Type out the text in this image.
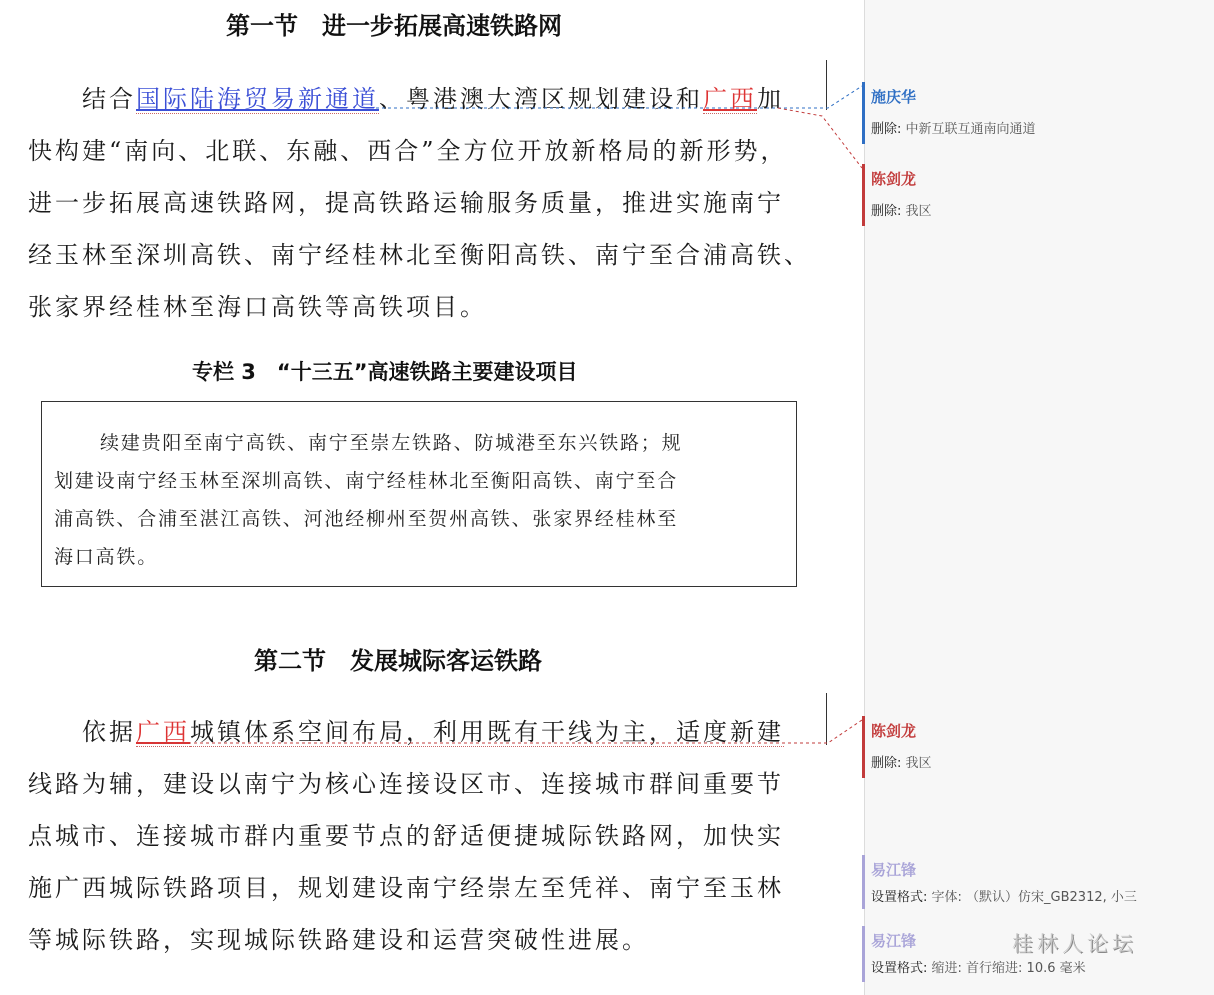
第一节　进一步拓展高速铁路网
结合国际陆海贸易新通道、粤港澳大湾区规划建设和广西加
快构建“南向、北联、东融、西合”全方位开放新格局的新形势，
进一步拓展高速铁路网，提高铁路运输服务质量，推进实施南宁
经玉林至深圳高铁、南宁经桂林北至衡阳高铁、南宁至合浦高铁、
张家界经桂林至海口高铁等高铁项目。
专栏 3　“十三五”高速铁路主要建设项目
续建贵阳至南宁高铁、南宁至崇左铁路、防城港至东兴铁路；规
划建设南宁经玉林至深圳高铁、南宁经桂林北至衡阳高铁、南宁至合
浦高铁、合浦至湛江高铁、河池经柳州至贺州高铁、张家界经桂林至
海口高铁。
第二节　发展城际客运铁路
依据广西城镇体系空间布局，利用既有干线为主，适度新建
线路为辅，建设以南宁为核心连接设区市、连接城市群间重要节
点城市、连接城市群内重要节点的舒适便捷城际铁路网，加快实
施广西城际铁路项目，规划建设南宁经崇左至凭祥、南宁至玉林
等城际铁路，实现城际铁路建设和运营突破性进展。
施庆华
删除: 中新互联互通南向通道
陈剑龙
删除: 我区
陈剑龙
删除: 我区
易江锋
设置格式: 字体: （默认）仿宋_GB2312, 小三
易江锋
设置格式: 缩进: 首行缩进: 10.6 毫米
桂林人论坛
